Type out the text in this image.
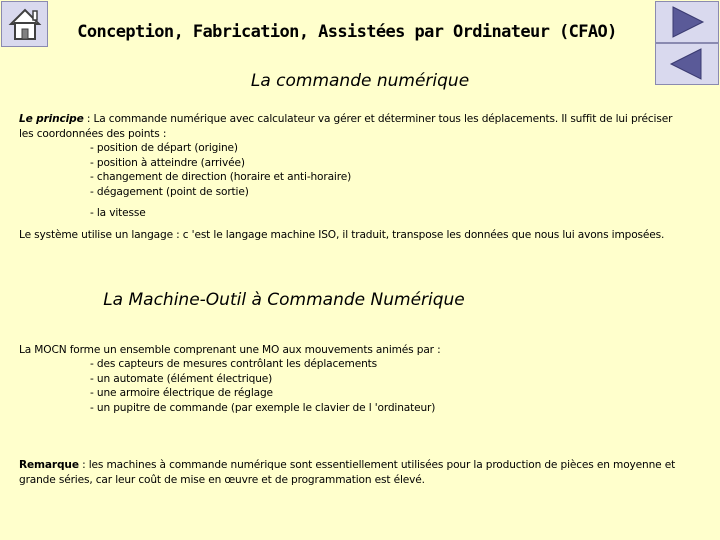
Conception, Fabrication, Assistées par Ordinateur (CFAO)
La commande numérique
Le principe : La commande numérique avec calculateur va gérer et déterminer tous les déplacements. Il suffit de lui préciser les coordonnées des points :
- position de départ (origine)
- position à atteindre (arrivée)
- changement de direction (horaire et anti-horaire)
- dégagement (point de sortie)
- la vitesse
Le système utilise un langage : c 'est le langage machine ISO, il traduit, transpose les données que nous lui avons imposées.
La Machine-Outil à Commande Numérique
La MOCN forme un ensemble comprenant une MO aux mouvements animés par :
- des capteurs de mesures contrôlant les déplacements
- un automate (élément électrique)
- une armoire électrique de réglage
- un pupitre de commande (par exemple le clavier de l 'ordinateur)
Remarque : les machines à commande numérique sont essentiellement utilisées pour la production de pièces en moyenne et grande séries, car leur coût de mise en œuvre et de programmation est élevé.
